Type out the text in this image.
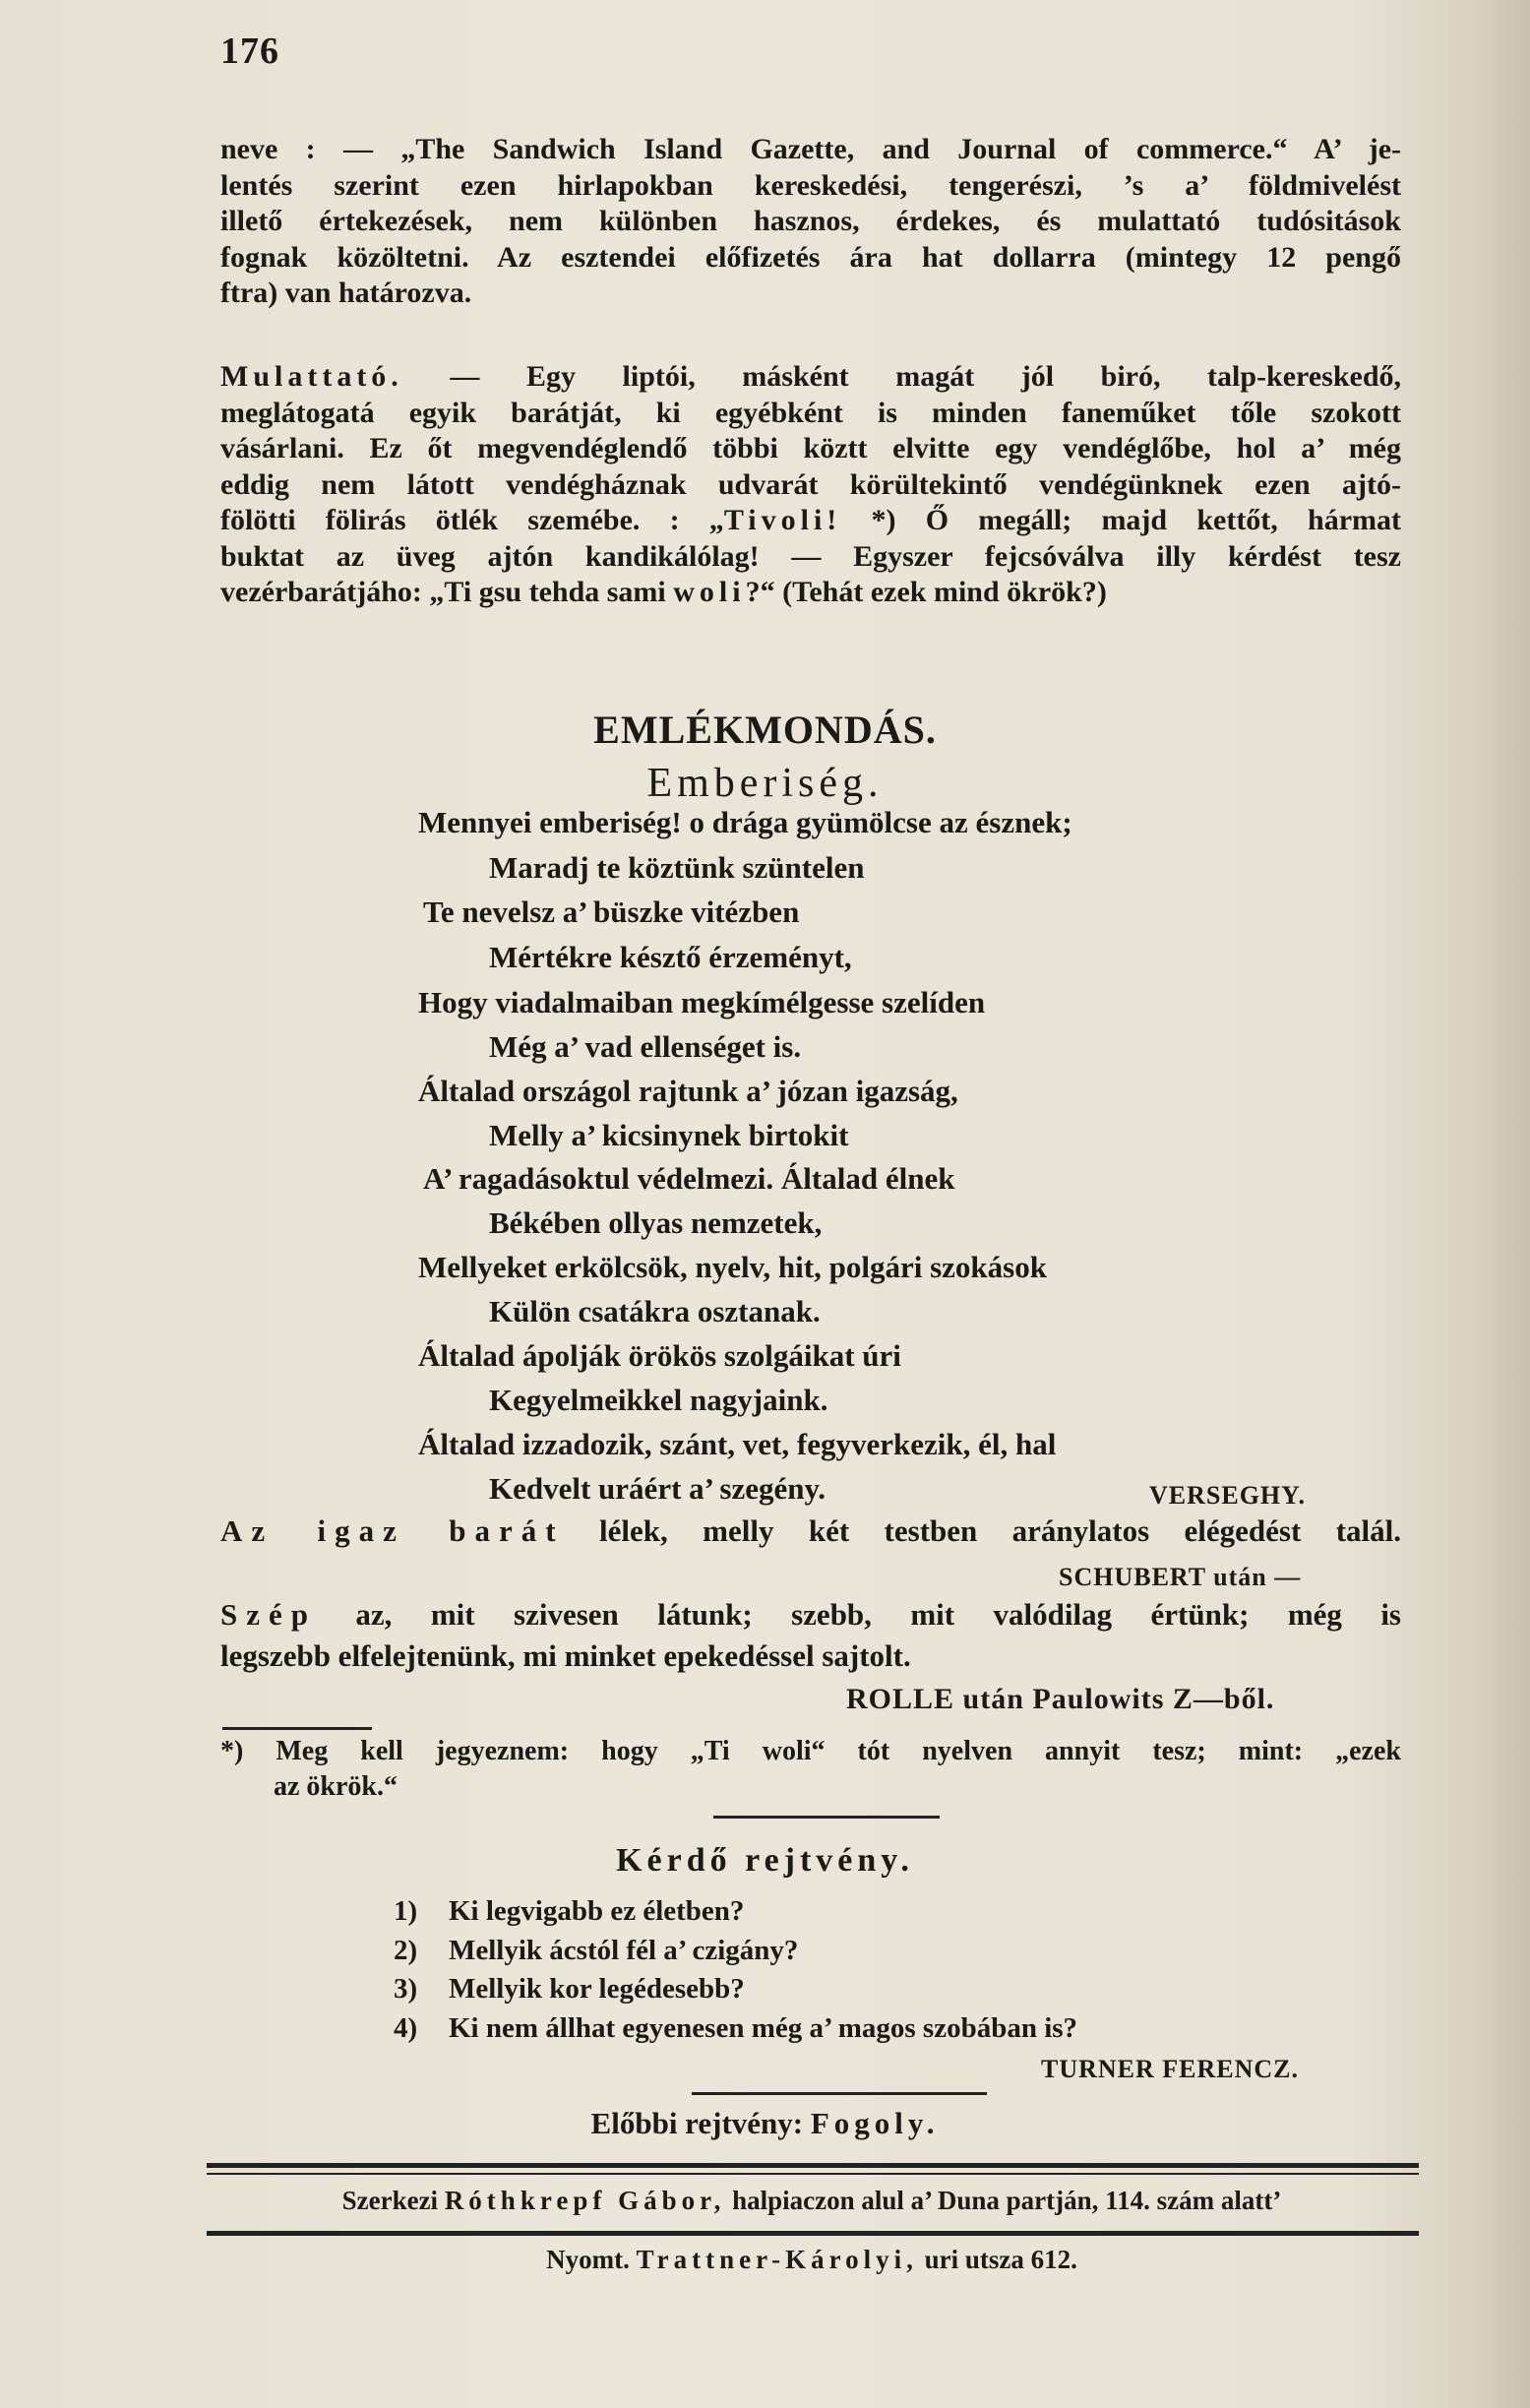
176
neve : — „The Sandwich Island Gazette, and Journal of commerce.“ A’ je-
lentés szerint ezen hirlapokban kereskedési, tengerészi, ’s a’ földmivelést
illető értekezések, nem különben hasznos, érdekes, és mulattató tudósitások
fognak közöltetni. Az esztendei előfizetés ára hat dollarra (mintegy 12 pengő
ftra) van határozva.
Mulattató. — Egy liptói, másként magát jól biró, talp-kereskedő,
meglátogatá egyik barátját, ki egyébként is minden faneműket tőle szokott
vásárlani. Ez őt megvendéglendő többi köztt elvitte egy vendéglőbe, hol a’ még
eddig nem látott vendégháznak udvarát körültekintő vendégünknek ezen ajtó-
fölötti fölirás ötlék szemébe. : „Tivoli! *) Ő megáll; majd kettőt, hármat
buktat az üveg ajtón kandikálólag! — Egyszer fejcsóválva illy kérdést tesz
vezérbarátjáho: „Ti gsu tehda sami woli?“ (Tehát ezek mind ökrök?)
EMLÉKMONDÁS.
Emberiség.
Mennyei emberiség! o drága gyümölcse az észnek;
Maradj te köztünk szüntelen
Te nevelsz a’ büszke vitézben
Mértékre késztő érzeményt,
Hogy viadalmaiban megkímélgesse szelíden
Még a’ vad ellenséget is.
Általad országol rajtunk a’ józan igazság,
Melly a’ kicsinynek birtokit
A’ ragadásoktul védelmezi. Általad élnek
Békében ollyas nemzetek,
Mellyeket erkölcsök, nyelv, hit, polgári szokások
Külön csatákra osztanak.
Általad ápolják örökös szolgáikat úri
Kegyelmeikkel nagyjaink.
Általad izzadozik, szánt, vet, fegyverkezik, él, hal
Kedvelt uráért a’ szegény.	VERSEGHY.
Az igaz barát lélek, melly két testben aránylatos elégedést talál.
SCHUBERT után —
Szép az, mit szivesen látunk; szebb, mit valódilag értünk; még is
legszebb elfelejtenünk, mi minket epekedéssel sajtolt.
ROLLE után Paulowits Z—ből.
*) Meg kell jegyeznem: hogy „Ti woli“ tót nyelven annyit tesz; mint: „ezek
az ökrök.“
Kérdő rejtvény.
1) Ki legvigabb ez életben?
2) Mellyik ácstól fél a’ czigány?
3) Mellyik kor legédesebb?
4) Ki nem állhat egyenesen még a’ magos szobában is?
TURNER FERENCZ.
Előbbi rejtvény: Fogoly.
Szerkezi Róthkrepf Gábor, halpiaczon alul a’ Duna partján, 114. szám alatt’
Nyomt. Trattner-Károlyi, uri utsza 612.
